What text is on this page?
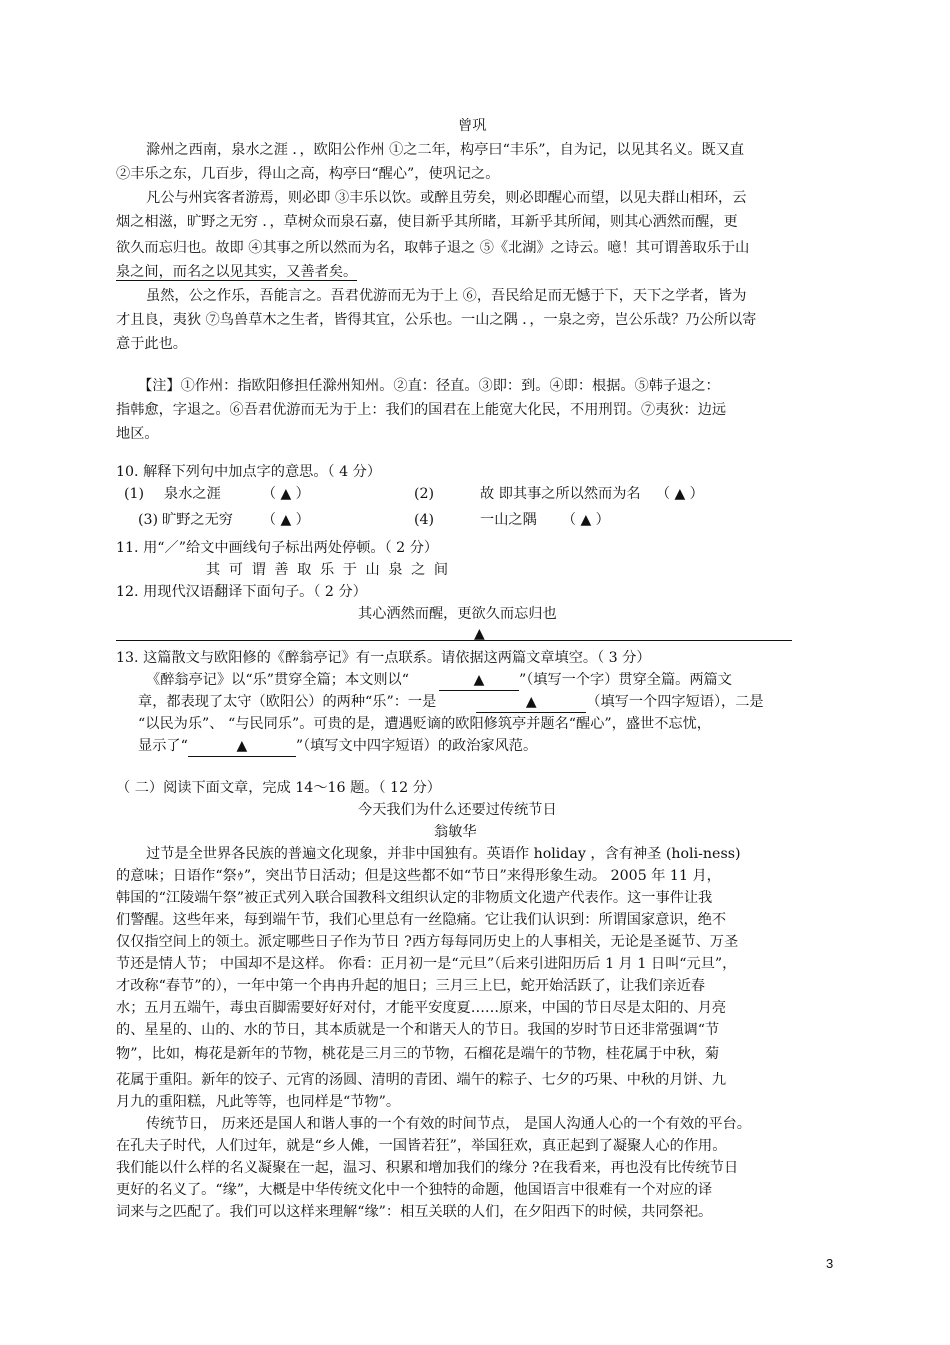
曾巩
滁州之西南，泉水之涯 ．，欧阳公作州 ①之二年，构亭曰“丰乐”，自为记，以见其名义。既又直
②丰乐之东，几百步，得山之高，构亭曰“醒心”，使巩记之。
凡公与州宾客者游焉，则必即 ③丰乐以饮。或醉且劳矣，则必即醒心而望，以见夫群山相环，云
烟之相滋，旷野之无穷 ．，草树众而泉石嘉，使目新乎其所睹，耳新乎其所闻，则其心洒然而醒，更
欲久而忘归也。故即 ④其事之所以然而为名，取韩子退之 ⑤《北湖》之诗云。噫！其可谓善取乐于山
泉之间，而名之以见其实，又善者矣。
虽然，公之作乐，吾能言之。吾君优游而无为于上 ⑥，吾民给足而无憾于下，天下之学者，皆为
才且良，夷狄 ⑦鸟兽草木之生者，皆得其宜，公乐也。一山之隅 ．，一泉之旁，岂公乐哉？乃公所以寄
意于此也。
【注】①作州：指欧阳修担任滁州知州。②直：径直。③即：到。④即：根据。⑤韩子退之：
指韩愈，字退之。⑥吾君优游而无为于上：我们的国君在上能宽大化民，不用刑罚。⑦夷狄：边远
地区。
10. 解释下列句中加点字的意思。（ 4 分）
(1) 泉水之涯	（ ▲ ）	(2)	故 即其事之所以然而为名 （ ▲ ）
(3) 旷野之无穷 （ ▲ ）	(4)	一山之隅 （ ▲ ）
11. 用“／”给文中画线句子标出两处停顿。（ 2 分）
其可谓善取乐于山泉之间
12. 用现代汉语翻译下面句子。（ 2 分）
其心洒然而醒，更欲久而忘归也
▲
13. 这篇散文与欧阳修的《醉翁亭记》有一点联系。请依据这两篇文章填空。（ 3 分）
《醉翁亭记》以“乐”贯穿全篇；本文则以“	▲ ”（填写一个字）贯穿全篇。两篇文
章，都表现了太守（欧阳公）的两种“乐”：一是	▲	（填写一个四字短语），二是
“以民为乐”、 “与民同乐”。可贵的是，遭遇贬谪的欧阳修筑亭并题名“醒心”，盛世不忘忧，
显示了“	▲	”（填写文中四字短语）的政治家风范。
（ 二）阅读下面文章，完成 14～16 题。（ 12 分）
今天我们为什么还要过传统节日
翁敏华
过节是全世界各民族的普遍文化现象，并非中国独有。英语作 holiday ，含有神圣 (holi-ness)
的意味；日语作“祭ｩ”，突出节日活动；但是这些都不如“节日”来得形象生动。 2005 年 11 月，
韩国的“江陵端午祭”被正式列入联合国教科文组织认定的非物质文化遗产代表作。这一事件让我
们警醒。这些年来，每到端午节，我们心里总有一丝隐痛。它让我们认识到：所谓国家意识，绝不
仅仅指空间上的领土。派定哪些日子作为节日 ?西方每每同历史上的人事相关，无论是圣诞节、万圣
节还是情人节； 中国却不是这样。 你看：正月初一是“元旦”（后来引进阳历后 1 月 1 日叫“元旦”，
才改称“春节”的），一年中第一个冉冉升起的旭日；三月三上巳，蛇开始活跃了，让我们亲近春
水；五月五端午，毒虫百脚需要好好对付，才能平安度夏……原来，中国的节日尽是太阳的、月亮
的、星星的、山的、水的节日，其本质就是一个和谐天人的节日。我国的岁时节日还非常强调“节
物”，比如，梅花是新年的节物，桃花是三月三的节物，石榴花是端午的节物，桂花属于中秋，菊
花属于重阳。新年的饺子、元宵的汤圆、清明的青团、端午的粽子、七夕的巧果、中秋的月饼、九
月九的重阳糕，凡此等等，也同样是“节物”。
传统节日， 历来还是国人和谐人事的一个有效的时间节点， 是国人沟通人心的一个有效的平台。
在孔夫子时代，人们过年，就是“乡人傩，一国皆若狂”，举国狂欢，真正起到了凝聚人心的作用。
我们能以什么样的名义凝聚在一起，温习、积累和增加我们的缘分 ?在我看来，再也没有比传统节日
更好的名义了。“缘”，大概是中华传统文化中一个独特的命题，他国语言中很难有一个对应的译
词来与之匹配了。我们可以这样来理解“缘”：相互关联的人们，在夕阳西下的时候，共同祭祀。
3
